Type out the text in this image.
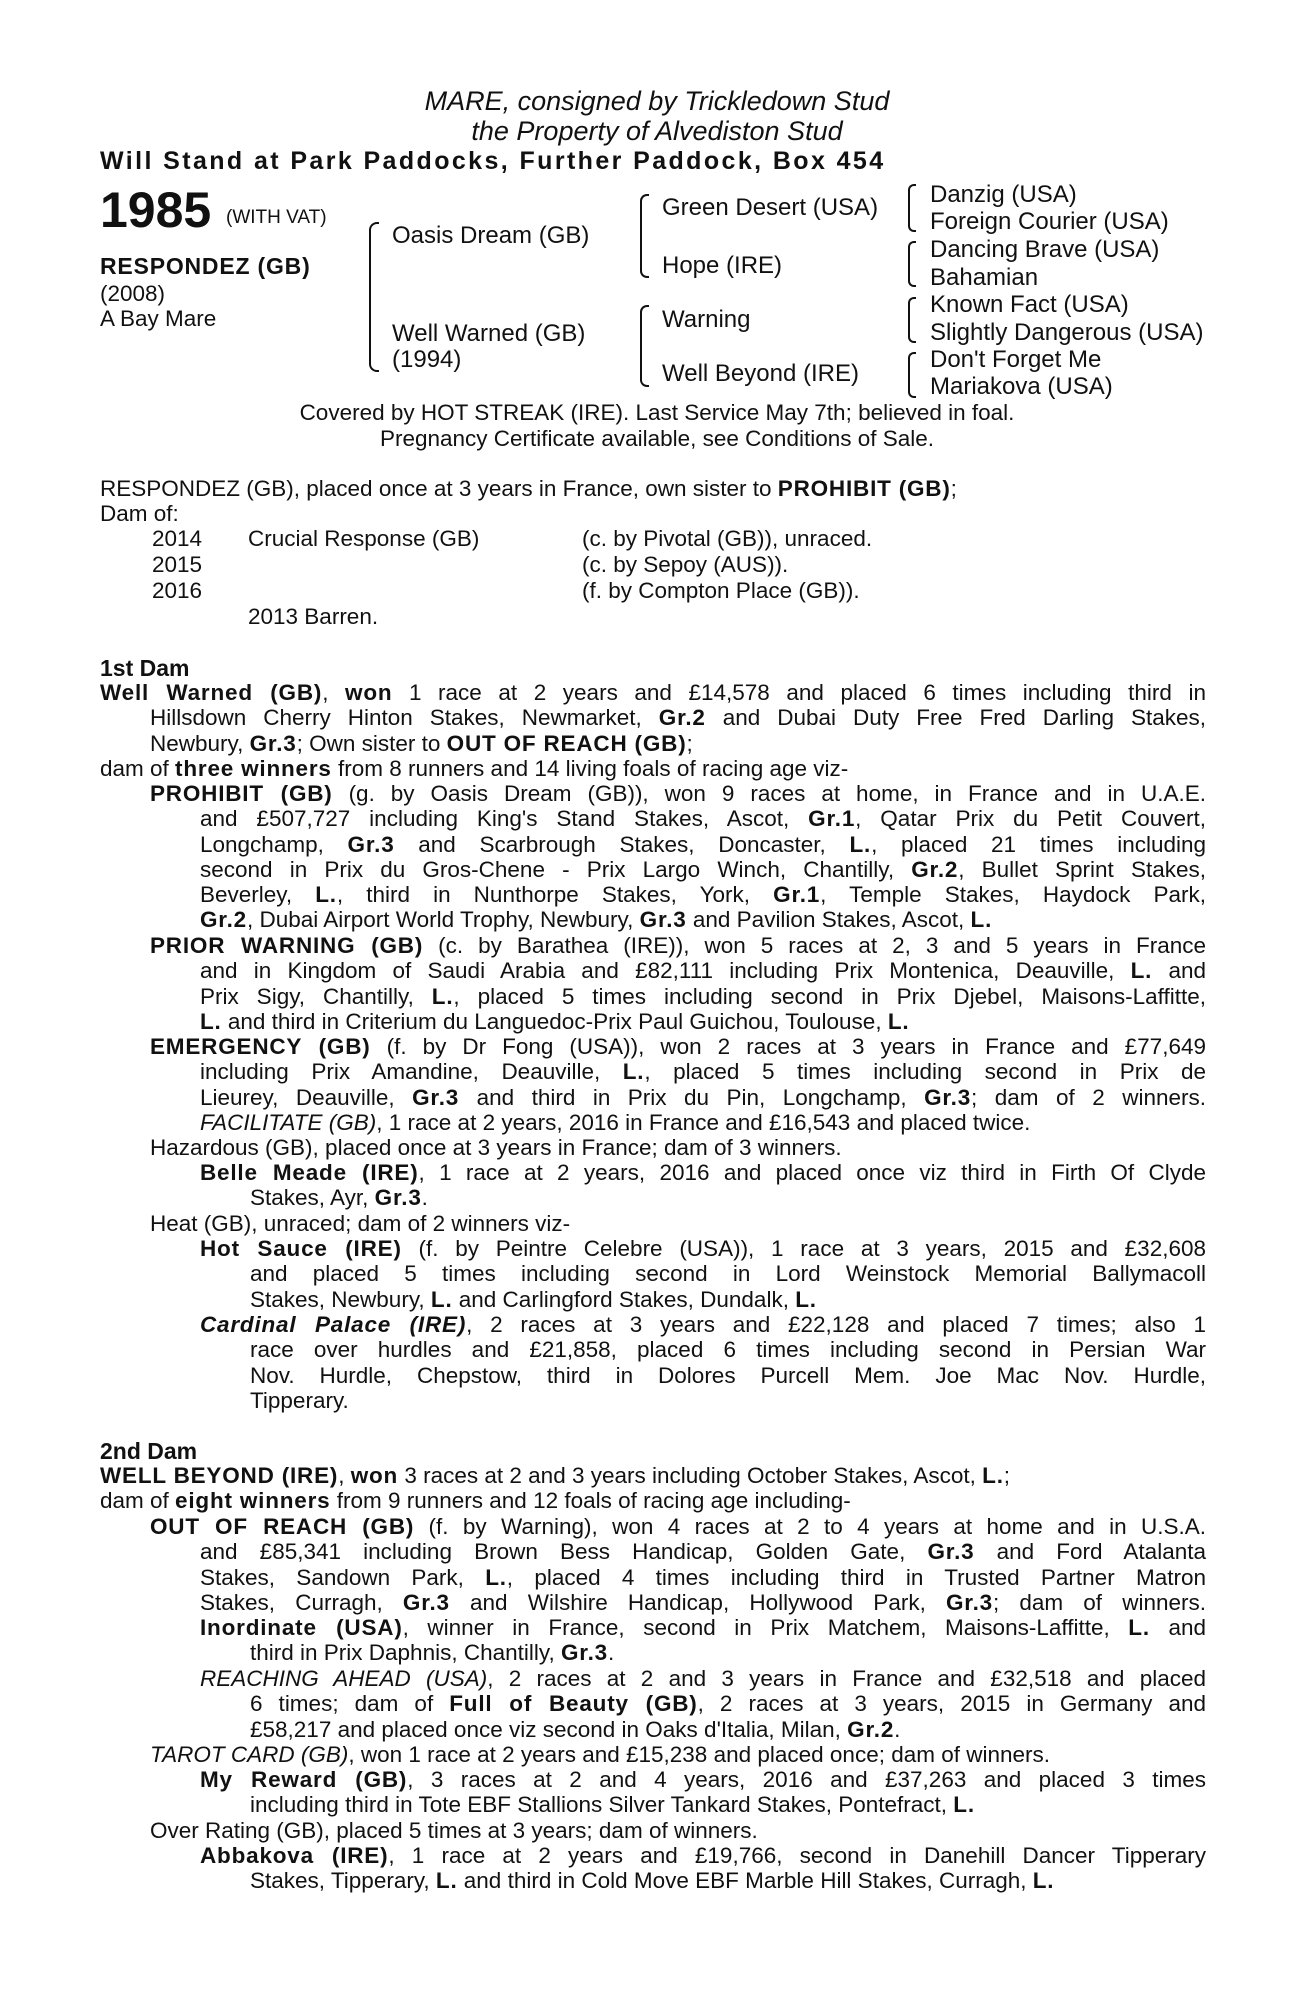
MARE, consigned by Trickledown Stud
the Property of Alvediston Stud
Will Stand at Park Paddocks, Further Paddock, Box 454
1985 (WITH VAT)
RESPONDEZ (GB)
(2008)
A Bay Mare
Oasis Dream (GB)
Well Warned (GB)
(1994)
Green Desert (USA)
Hope (IRE)
Warning
Well Beyond (IRE)
Danzig (USA)
Foreign Courier (USA)
Dancing Brave (USA)
Bahamian
Known Fact (USA)
Slightly Dangerous (USA)
Don't Forget Me
Mariakova (USA)
Covered by HOT STREAK (IRE). Last Service May 7th; believed in foal.
Pregnancy Certificate available, see Conditions of Sale.
RESPONDEZ (GB), placed once at 3 years in France, own sister to PROHIBIT (GB);
Dam of:
2014 Crucial Response (GB)	(c. by Pivotal (GB)), unraced.
2015	(c. by Sepoy (AUS)).
2016	(f. by Compton Place (GB)).
2013 Barren.
1st Dam

Well Warned (GB), won 1 race at 2 years and £14,578 and placed 6 times including third in

Hillsdown Cherry Hinton Stakes, Newmarket, Gr.2 and Dubai Duty Free Fred Darling Stakes,

Newbury, Gr.3; Own sister to OUT OF REACH (GB);

dam of three winners from 8 runners and 14 living foals of racing age viz-

PROHIBIT (GB) (g. by Oasis Dream (GB)), won 9 races at home, in France and in U.A.E.

and £507,727 including King's Stand Stakes, Ascot, Gr.1, Qatar Prix du Petit Couvert,

Longchamp, Gr.3 and Scarbrough Stakes, Doncaster, L., placed 21 times including

second in Prix du Gros-Chene - Prix Largo Winch, Chantilly, Gr.2, Bullet Sprint Stakes,

Beverley, L., third in Nunthorpe Stakes, York, Gr.1, Temple Stakes, Haydock Park,

Gr.2, Dubai Airport World Trophy, Newbury, Gr.3 and Pavilion Stakes, Ascot, L.

PRIOR WARNING (GB) (c. by Barathea (IRE)), won 5 races at 2, 3 and 5 years in France

and in Kingdom of Saudi Arabia and £82,111 including Prix Montenica, Deauville, L. and

Prix Sigy, Chantilly, L., placed 5 times including second in Prix Djebel, Maisons-Laffitte,

L. and third in Criterium du Languedoc-Prix Paul Guichou, Toulouse, L.

EMERGENCY (GB) (f. by Dr Fong (USA)), won 2 races at 3 years in France and £77,649

including Prix Amandine, Deauville, L., placed 5 times including second in Prix de

Lieurey, Deauville, Gr.3 and third in Prix du Pin, Longchamp, Gr.3; dam of 2 winners.

FACILITATE (GB), 1 race at 2 years, 2016 in France and £16,543 and placed twice.

Hazardous (GB), placed once at 3 years in France; dam of 3 winners.

Belle Meade (IRE), 1 race at 2 years, 2016 and placed once viz third in Firth Of Clyde

Stakes, Ayr, Gr.3.

Heat (GB), unraced; dam of 2 winners viz-

Hot Sauce (IRE) (f. by Peintre Celebre (USA)), 1 race at 3 years, 2015 and £32,608

and placed 5 times including second in Lord Weinstock Memorial Ballymacoll

Stakes, Newbury, L. and Carlingford Stakes, Dundalk, L.

Cardinal Palace (IRE), 2 races at 3 years and £22,128 and placed 7 times; also 1

race over hurdles and £21,858, placed 6 times including second in Persian War

Nov. Hurdle, Chepstow, third in Dolores Purcell Mem. Joe Mac Nov. Hurdle,

Tipperary.

2nd Dam

WELL BEYOND (IRE), won 3 races at 2 and 3 years including October Stakes, Ascot, L.;

dam of eight winners from 9 runners and 12 foals of racing age including-

OUT OF REACH (GB) (f. by Warning), won 4 races at 2 to 4 years at home and in U.S.A.

and £85,341 including Brown Bess Handicap, Golden Gate, Gr.3 and Ford Atalanta

Stakes, Sandown Park, L., placed 4 times including third in Trusted Partner Matron

Stakes, Curragh, Gr.3 and Wilshire Handicap, Hollywood Park, Gr.3; dam of winners.

Inordinate (USA), winner in France, second in Prix Matchem, Maisons-Laffitte, L. and

third in Prix Daphnis, Chantilly, Gr.3.

REACHING AHEAD (USA), 2 races at 2 and 3 years in France and £32,518 and placed

6 times; dam of Full of Beauty (GB), 2 races at 3 years, 2015 in Germany and

£58,217 and placed once viz second in Oaks d'Italia, Milan, Gr.2.

TAROT CARD (GB), won 1 race at 2 years and £15,238 and placed once; dam of winners.

My Reward (GB), 3 races at 2 and 4 years, 2016 and £37,263 and placed 3 times

including third in Tote EBF Stallions Silver Tankard Stakes, Pontefract, L.

Over Rating (GB), placed 5 times at 3 years; dam of winners.

Abbakova (IRE), 1 race at 2 years and £19,766, second in Danehill Dancer Tipperary

Stakes, Tipperary, L. and third in Cold Move EBF Marble Hill Stakes, Curragh, L.
